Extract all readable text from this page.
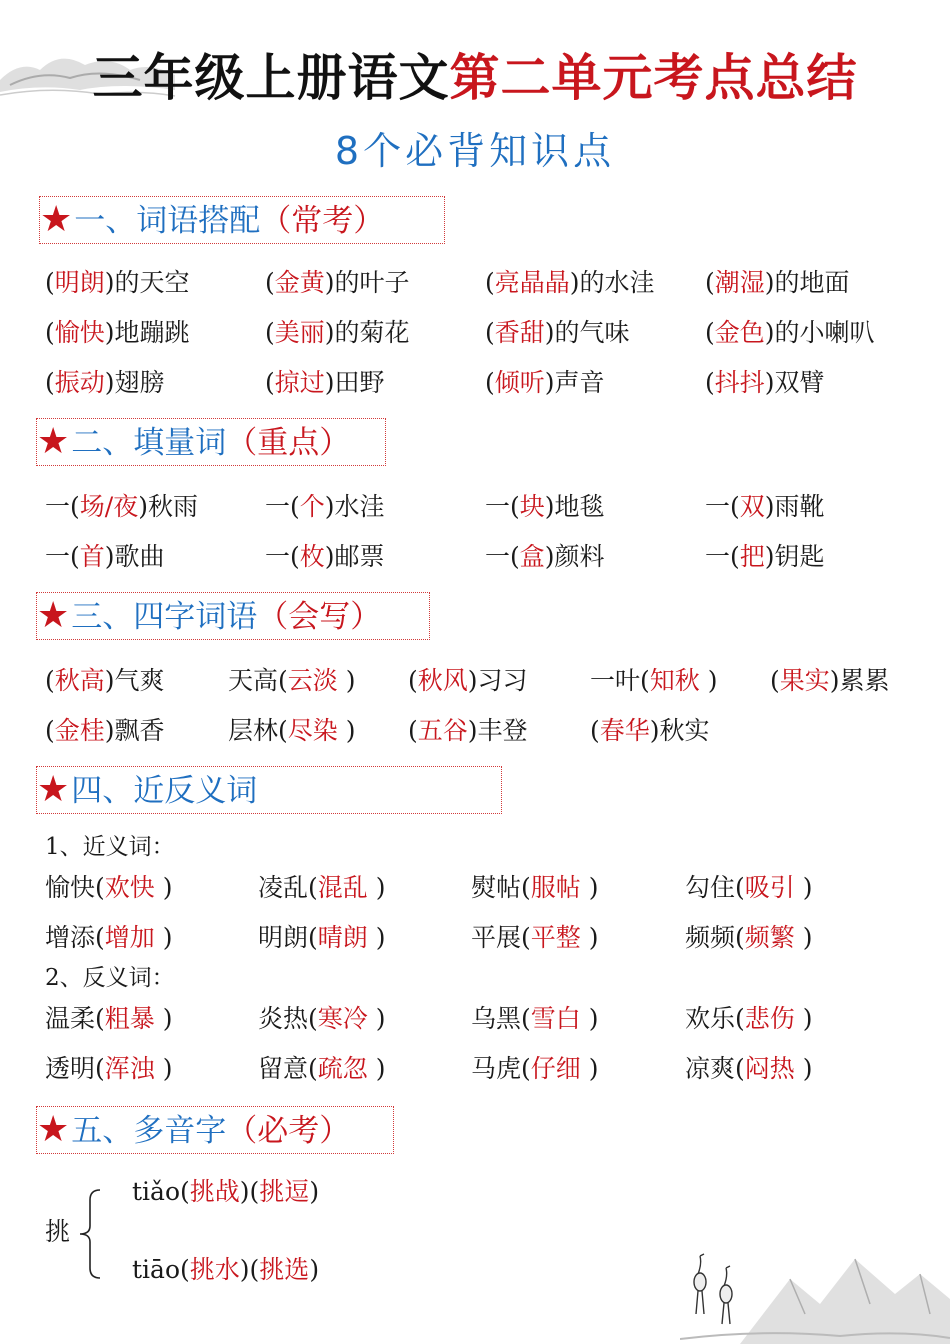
三年级上册语文第二单元考点总结
8个必背知识点
★一、词语搭配（常考）
(明朗)的天空	(金黄)的叶子	(亮晶晶)的水洼 (潮湿)的地面
(愉快)地蹦跳	(美丽)的菊花	(香甜)的气味	(金色)的小喇叭
(振动)翅膀	(掠过)田野	(倾听)声音	(抖抖)双臂
★二、填量词（重点）
一(场/夜)秋雨	一(个)水洼	一(块)地毯	一(双)雨靴
一(首)歌曲	一(枚)邮票	一(盒)颜料	一(把)钥匙
★三、四字词语（会写）
(秋高)气爽	天高(云淡 ) (秋风)习习 一叶(知秋 ) (果实)累累
(金桂)飘香	层林(尽染 ) (五谷)丰登 (春华)秋实
★四、近反义词
1、近义词：
愉快(欢快 )	凌乱(混乱 )	熨帖(服帖 )	勾住(吸引 )
增添(增加 )	明朗(晴朗 )	平展(平整 )	频频(频繁 )
2、反义词：
温柔(粗暴 )	炎热(寒冷 )	乌黑(雪白 )	欢乐(悲伤 )
透明(浑浊 )	留意(疏忽 )	马虎(仔细 )	凉爽(闷热 )
★五、多音字（必考）
挑
tiǎo(挑战)(挑逗)
tiāo(挑水)(挑选)
